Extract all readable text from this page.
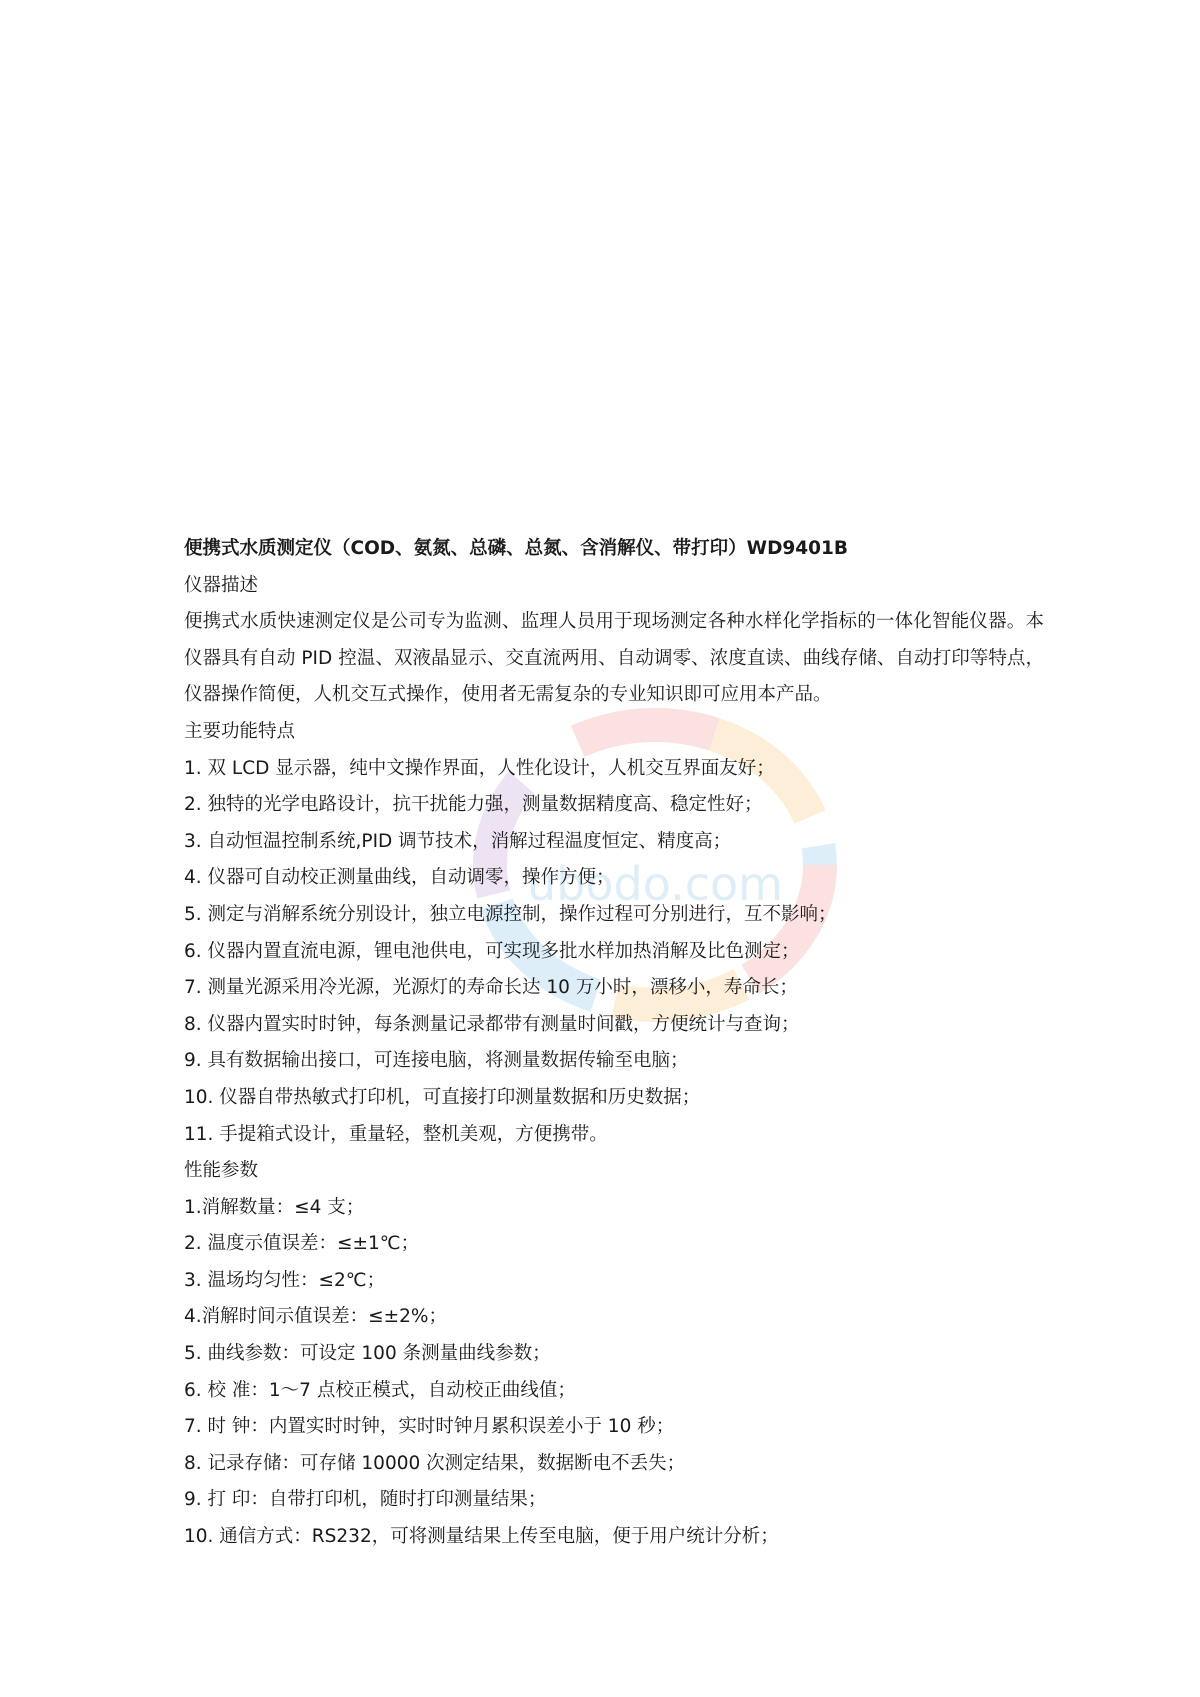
ubodo.com
便携式水质测定仪（COD、氨氮、总磷、总氮、含消解仪、带打印）WD9401B
仪器描述

便携式水质快速测定仪是公司专为监测、监理人员用于现场测定各种水样化学指标的一体化智能仪器。本仪器具有自动 PID 控温、双液晶显示、交直流两用、自动调零、浓度直读、曲线存储、自动打印等特点，仪器操作简便，人机交互式操作，使用者无需复杂的专业知识即可应用本产品。

主要功能特点
1. 双 LCD 显示器，纯中文操作界面，人性化设计，人机交互界面友好；
2. 独特的光学电路设计，抗干扰能力强，测量数据精度高、稳定性好；
3. 自动恒温控制系统,PID 调节技术，消解过程温度恒定、精度高；
4. 仪器可自动校正测量曲线，自动调零，操作方便；
5. 测定与消解系统分别设计，独立电源控制，操作过程可分别进行，互不影响；
6. 仪器内置直流电源，锂电池供电，可实现多批水样加热消解及比色测定；
7. 测量光源采用冷光源，光源灯的寿命长达 10 万小时，漂移小，寿命长；
8. 仪器内置实时时钟，每条测量记录都带有测量时间戳，方便统计与查询；
9. 具有数据输出接口，可连接电脑，将测量数据传输至电脑；
10. 仪器自带热敏式打印机，可直接打印测量数据和历史数据；
11. 手提箱式设计，重量轻，整机美观，方便携带。
性能参数
1.消解数量：≤4 支；
2. 温度示值误差：≤±1℃；
3. 温场均匀性：≤2℃；
4.消解时间示值误差：≤±2%；
5. 曲线参数：可设定 100 条测量曲线参数；
6. 校 准：1～7 点校正模式，自动校正曲线值；
7. 时 钟：内置实时时钟，实时时钟月累积误差小于 10 秒；
8. 记录存储：可存储 10000 次测定结果，数据断电不丢失；
9. 打 印：自带打印机，随时打印测量结果；
10. 通信方式：RS232，可将测量结果上传至电脑，便于用户统计分析；
